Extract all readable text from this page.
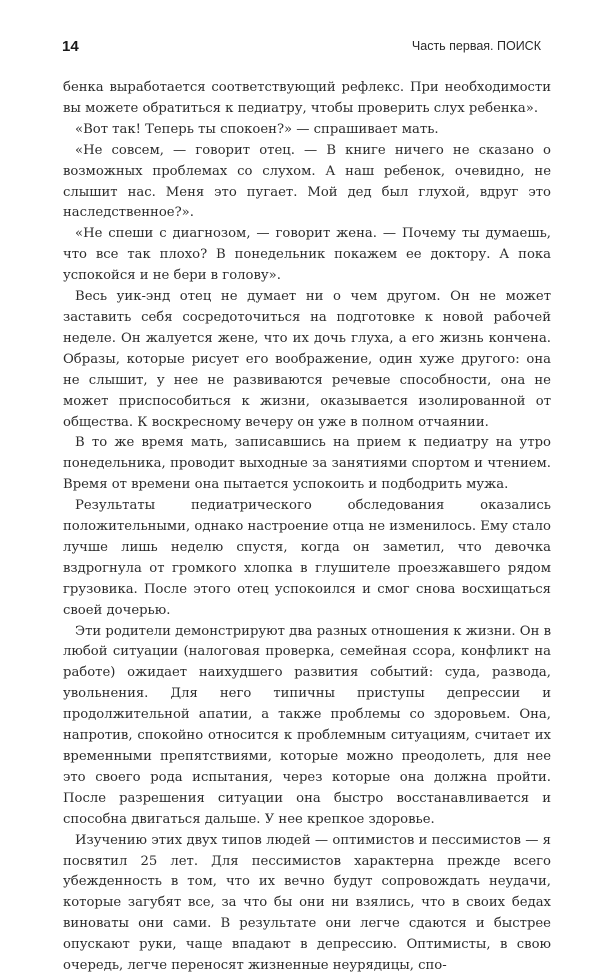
14	Часть первая. ПОИСК

бенка выработается соответствующий рефлекс. При необходимости вы можете обратиться к педиатру, чтобы проверить слух ребенка».

«Вот так! Теперь ты спокоен?» — спрашивает мать.

«Не совсем, — говорит отец. — В книге ничего не сказано о возможных проблемах со слухом. А наш ребенок, очевидно, не слышит нас. Меня это пугает. Мой дед был глухой, вдруг это наследственное?».

«Не спеши с диагнозом, — говорит жена. — Почему ты думаешь, что все так плохо? В понедельник покажем ее доктору. А пока успокойся и не бери в голову».

Весь уик-энд отец не думает ни о чем другом. Он не может заставить себя сосредоточиться на подготовке к новой рабочей неделе. Он жалуется жене, что их дочь глуха, а его жизнь кончена. Образы, которые рисует его воображение, один хуже другого: она не слышит, у нее не развиваются речевые способности, она не может приспособиться к жизни, оказывается изолированной от общества. К воскресному вечеру он уже в полном отчаянии.

В то же время мать, записавшись на прием к педиатру на утро понедельника, проводит выходные за занятиями спортом и чтением. Время от времени она пытается успокоить и подбодрить мужа.

Результаты педиатрического обследования оказались положительными, однако настроение отца не изменилось. Ему стало лучше лишь неделю спустя, когда он заметил, что девочка вздрогнула от громкого хлопка в глушителе проезжавшего рядом грузовика. После этого отец успокоился и смог снова восхищаться своей дочерью.

Эти родители демонстрируют два разных отношения к жизни. Он в любой ситуации (налоговая проверка, семейная ссора, конфликт на работе) ожидает наихудшего развития событий: суда, развода, увольнения. Для него типичны приступы депрессии и продолжительной апатии, а также проблемы со здоровьем. Она, напротив, спокойно относится к проблемным ситуациям, считает их временными препятствиями, которые можно преодолеть, для нее это своего рода испытания, через которые она должна пройти. После разрешения ситуации она быстро восстанавливается и способна двигаться дальше. У нее крепкое здоровье.

Изучению этих двух типов людей — оптимистов и пессимистов — я посвятил 25 лет. Для пессимистов характерна прежде всего убежденность в том, что их вечно будут сопровождать неудачи, которые загубят все, за что бы они ни взялись, что в своих бедах виноваты они сами. В результате они легче сдаются и быстрее опускают руки, чаще впадают в депрессию. Оптимисты, в свою очередь, легче переносят жизненные неурядицы, спо-
